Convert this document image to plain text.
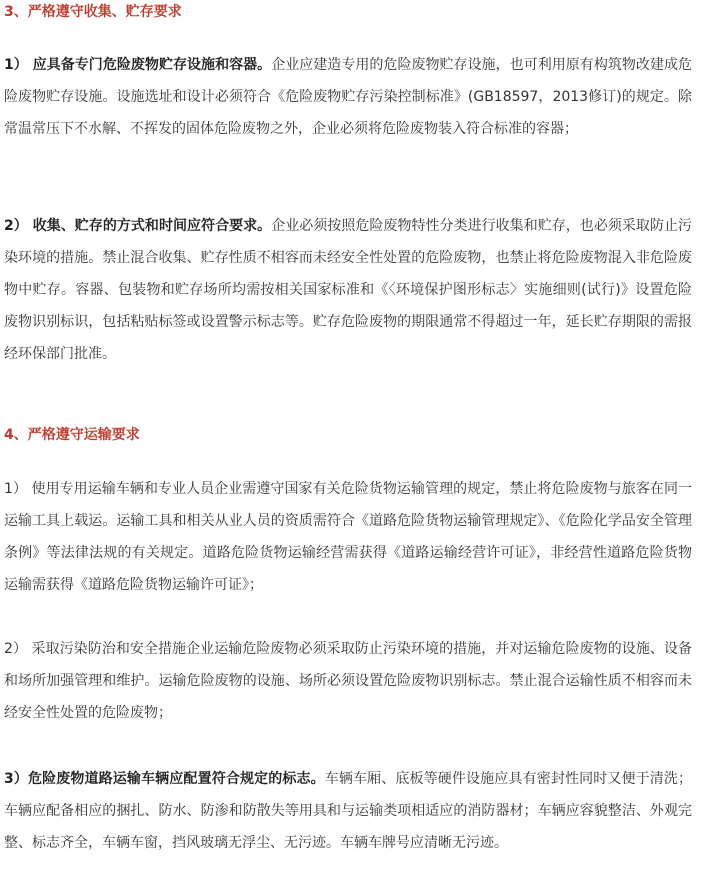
3、严格遵守收集、贮存要求
1） 应具备专门危险废物贮存设施和容器。企业应建造专用的危险废物贮存设施，也可利用原有构筑物改建成危险废物贮存设施。设施选址和设计必须符合《危险废物贮存污染控制标准》(GB18597，2013修订)的规定。除常温常压下不水解、不挥发的固体危险废物之外，企业必须将危险废物装入符合标准的容器；
2） 收集、贮存的方式和时间应符合要求。企业必须按照危险废物特性分类进行收集和贮存，也必须采取防止污染环境的措施。禁止混合收集、贮存性质不相容而未经安全性处置的危险废物，也禁止将危险废物混入非危险废物中贮存。容器、包装物和贮存场所均需按相关国家标准和《〈环境保护图形标志〉实施细则(试行)》设置危险废物识别标识，包括粘贴标签或设置警示标志等。贮存危险废物的期限通常不得超过一年，延长贮存期限的需报经环保部门批准。
4、严格遵守运输要求
1） 使用专用运输车辆和专业人员企业需遵守国家有关危险货物运输管理的规定，禁止将危险废物与旅客在同一运输工具上载运。运输工具和相关从业人员的资质需符合《道路危险货物运输管理规定》、《危险化学品安全管理条例》等法律法规的有关规定。道路危险货物运输经营需获得《道路运输经营许可证》，非经营性道路危险货物运输需获得《道路危险货物运输许可证》；
2） 采取污染防治和安全措施企业运输危险废物必须采取防止污染环境的措施，并对运输危险废物的设施、设备和场所加强管理和维护。运输危险废物的设施、场所必须设置危险废物识别标志。禁止混合运输性质不相容而未经安全性处置的危险废物；
3）危险废物道路运输车辆应配置符合规定的标志。车辆车厢、底板等硬件设施应具有密封性同时又便于清洗；车辆应配备相应的捆扎、防水、防渗和防散失等用具和与运输类项相适应的消防器材；车辆应容貌整洁、外观完整、标志齐全，车辆车窗，挡风玻璃无浮尘、无污迹。车辆车牌号应清晰无污迹。
